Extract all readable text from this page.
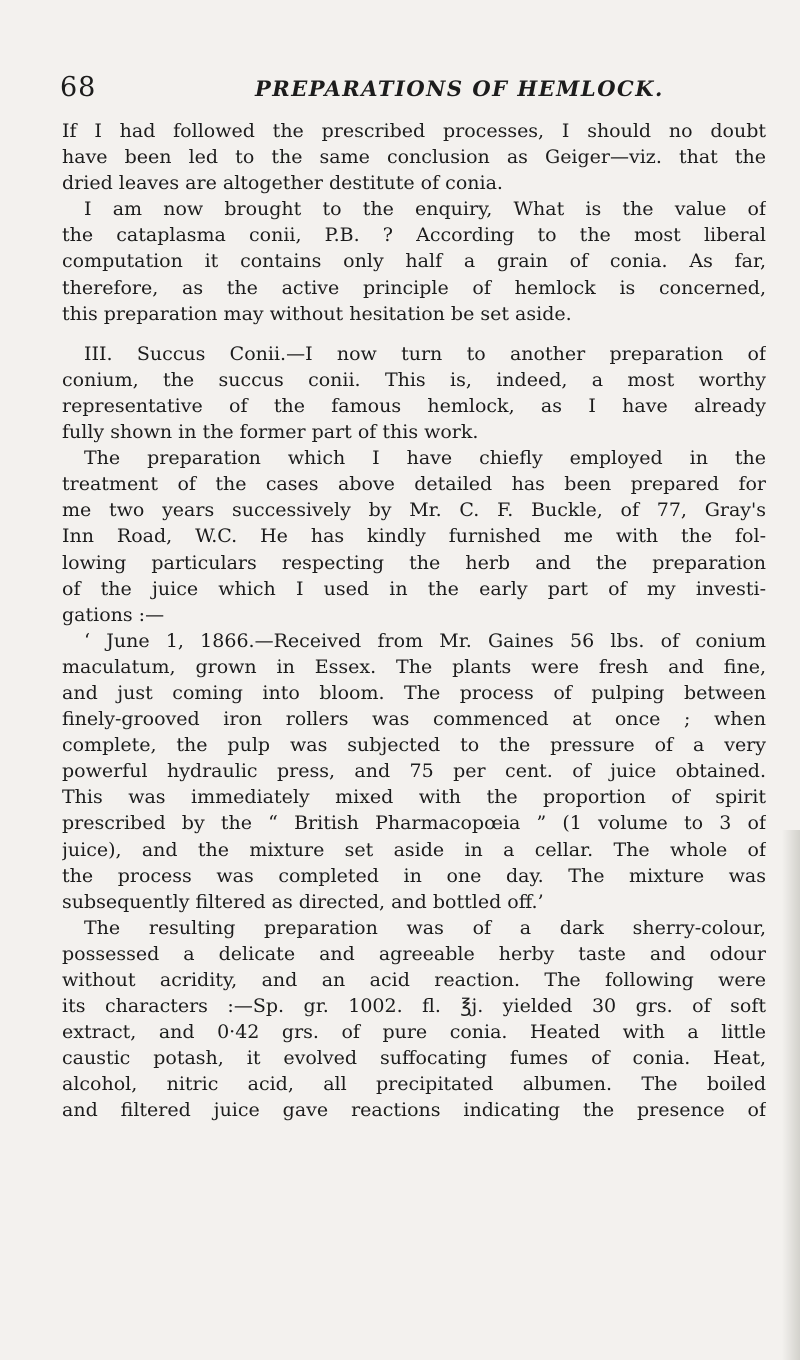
68	PREPARATIONS OF HEMLOCK.
If I had followed the prescribed processes, I should no doubt
have been led to the same conclusion as Geiger—viz. that the
dried leaves are altogether destitute of conia.
I am now brought to the enquiry, What is the value of
the cataplasma conii, P.B. ? According to the most liberal
computation it contains only half a grain of conia. As far,
therefore, as the active principle of hemlock is concerned,
this preparation may without hesitation be set aside.
III. Succus Conii.—I now turn to another preparation of
conium, the succus conii. This is, indeed, a most worthy
representative of the famous hemlock, as I have already
fully shown in the former part of this work.
The preparation which I have chiefly employed in the
treatment of the cases above detailed has been prepared for
me two years successively by Mr. C. F. Buckle, of 77, Gray's
Inn Road, W.C. He has kindly furnished me with the fol-
lowing particulars respecting the herb and the preparation
of the juice which I used in the early part of my investi-
gations :—
‘ June 1, 1866.—Received from Mr. Gaines 56 lbs. of conium
maculatum, grown in Essex. The plants were fresh and fine,
and just coming into bloom. The process of pulping between
finely-grooved iron rollers was commenced at once ; when
complete, the pulp was subjected to the pressure of a very
powerful hydraulic press, and 75 per cent. of juice obtained.
This was immediately mixed with the proportion of spirit
prescribed by the “ British Pharmacopœia ” (1 volume to 3 of
juice), and the mixture set aside in a cellar. The whole of
the process was completed in one day. The mixture was
subsequently filtered as directed, and bottled off.’
The resulting preparation was of a dark sherry-colour,
possessed a delicate and agreeable herby taste and odour
without acridity, and an acid reaction. The following were
its characters :—Sp. gr. 1002. fl. ℥j. yielded 30 grs. of soft
extract, and 0·42 grs. of pure conia. Heated with a little
caustic potash, it evolved suffocating fumes of conia. Heat,
alcohol, nitric acid, all precipitated albumen. The boiled
and filtered juice gave reactions indicating the presence of
